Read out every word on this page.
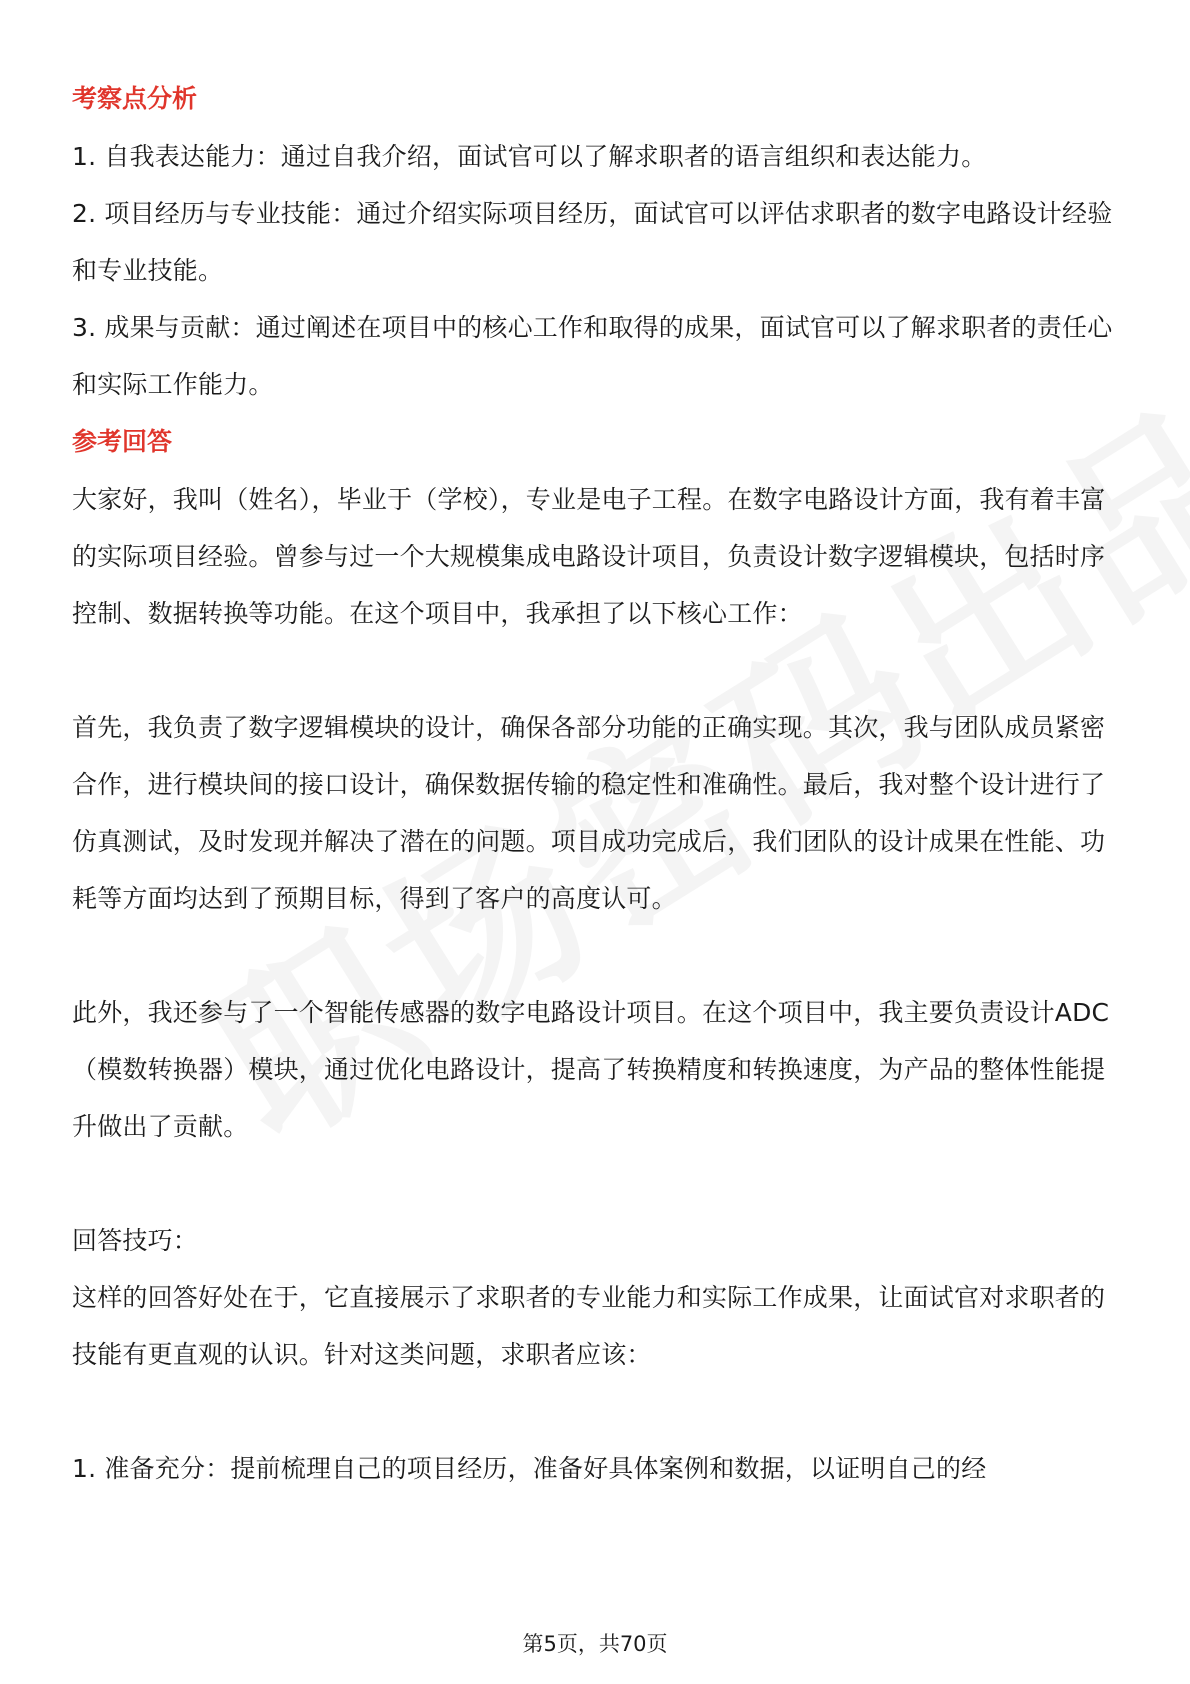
考察点分析

1. 自我表达能力：通过自我介绍，面试官可以了解求职者的语言组织和表达能力。

2. 项目经历与专业技能：通过介绍实际项目经历，面试官可以评估求职者的数字电路设计经验和专业技能。

3. 成果与贡献：通过阐述在项目中的核心工作和取得的成果，面试官可以了解求职者的责任心和实际工作能力。

参考回答

大家好，我叫（姓名），毕业于（学校），专业是电子工程。在数字电路设计方面，我有着丰富的实际项目经验。曾参与过一个大规模集成电路设计项目，负责设计数字逻辑模块，包括时序控制、数据转换等功能。在这个项目中，我承担了以下核心工作：

首先，我负责了数字逻辑模块的设计，确保各部分功能的正确实现。其次，我与团队成员紧密合作，进行模块间的接口设计，确保数据传输的稳定性和准确性。最后，我对整个设计进行了仿真测试，及时发现并解决了潜在的问题。项目成功完成后，我们团队的设计成果在性能、功耗等方面均达到了预期目标，得到了客户的高度认可。

此外，我还参与了一个智能传感器的数字电路设计项目。在这个项目中，我主要负责设计ADC（模数转换器）模块，通过优化电路设计，提高了转换精度和转换速度，为产品的整体性能提升做出了贡献。

回答技巧：

这样的回答好处在于，它直接展示了求职者的专业能力和实际工作成果，让面试官对求职者的技能有更直观的认识。针对这类问题，求职者应该：

1. 准备充分：提前梳理自己的项目经历，准备好具体案例和数据，以证明自己的经

第5页，共70页
